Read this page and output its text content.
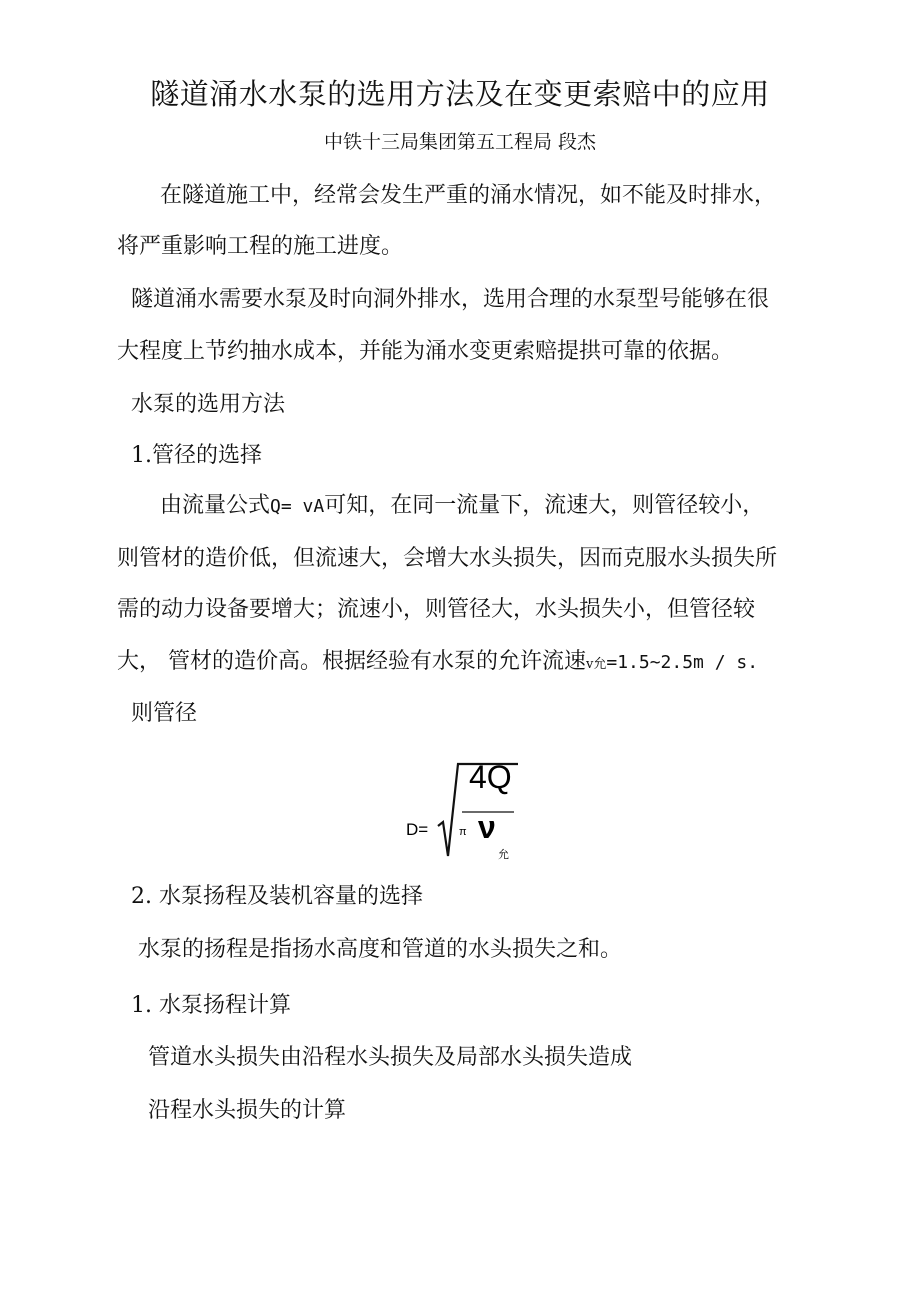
隧道涌水水泵的选用方法及在变更索赔中的应用
中铁十三局集团第五工程局 段杰

在隧道施工中，经常会发生严重的涌水情况，如不能及时排水，

将严重影响工程的施工进度。

隧道涌水需要水泵及时向洞外排水，选用合理的水泵型号能够在很

大程度上节约抽水成本，并能为涌水变更索赔提拱可靠的依据。

水泵的选用方法

1.管径的选择

由流量公式Q= vA可知，在同一流量下，流速大，则管径较小，

则管材的造价低，但流速大，会增大水头损失，因而克服水头损失所

需的动力设备要增大；流速小，则管径大，水头损失小，但管径较

大， 管材的造价高。根据经验有水泵的允许流速v允=1.5~2.5m / s.

则管径

D=
4Q
π ν
允

2. 水泵扬程及装机容量的选择

水泵的扬程是指扬水高度和管道的水头损失之和。

1. 水泵扬程计算

管道水头损失由沿程水头损失及局部水头损失造成

沿程水头损失的计算
